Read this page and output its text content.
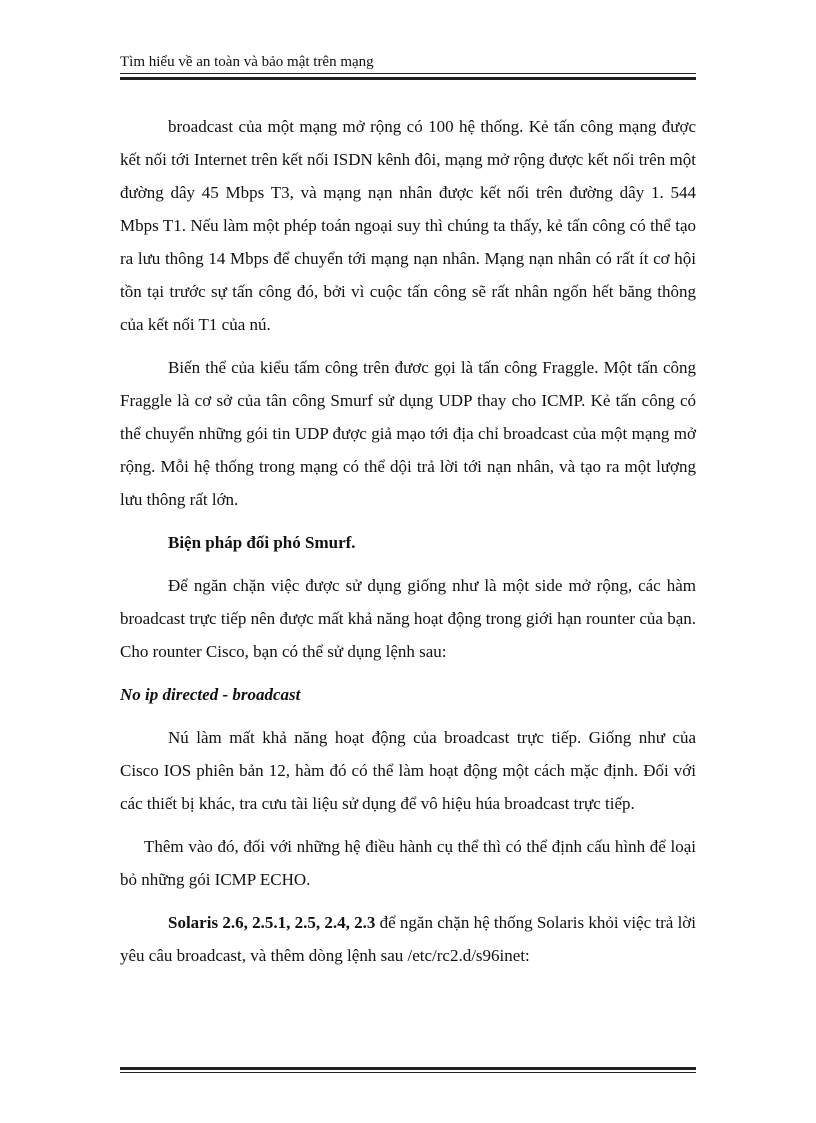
Tìm hiểu về an toàn và bảo mật trên mạng

broadcast của một mạng mở rộng có 100 hệ thống. Kẻ tấn công mạng được kết nối tới Internet trên kết nối ISDN kênh đôi, mạng mở rộng được kết nối trên một đường dây 45 Mbps T3, và mạng nạn nhân được kết nối trên đường dây 1. 544 Mbps T1. Nếu làm một phép toán ngoại suy thì chúng ta thấy, kẻ tấn công có thể tạo ra lưu thông 14 Mbps để chuyển tới mạng nạn nhân. Mạng nạn nhân có rất ít cơ hội tồn tại trước sự tấn công đó, bởi vì cuộc tấn công sẽ rất nhân ngốn hết băng thông của kết nối T1 của nú.

Biến thể của kiểu tấm công trên đươc gọi là tấn công Fraggle. Một tấn công Fraggle là cơ sở của tân công Smurf sử dụng UDP thay cho ICMP. Kẻ tấn công có thể chuyển những gói tin UDP được giả mạo tới địa chỉ broadcast của một mạng mở rộng. Mỗi hệ thống trong mạng có thể dội trả lời tới nạn nhân, và tạo ra một lượng lưu thông rất lớn.

Biện pháp đối phó Smurf.

Để ngăn chặn việc được sử dụng giống như là một side mở rộng, các hàm broadcast trực tiếp nên được mất khả năng hoạt động trong giới hạn rounter của bạn. Cho rounter Cisco, bạn có thể sử dụng lệnh sau:

No ip directed - broadcast

Nú làm mất khả năng hoạt động của broadcast trực tiếp. Giống như của Cisco IOS phiên bản 12, hàm đó có thể làm hoạt động một cách mặc định. Đối với các thiết bị khác, tra cưu tài liệu sử dụng để vô hiệu húa broadcast trực tiếp.

Thêm vào đó, đối với những hệ điều hành cụ thể thì có thể định cấu hình để loại bỏ những gói ICMP ECHO.

Solaris 2.6, 2.5.1, 2.5, 2.4, 2.3 để ngăn chặn hệ thống Solaris khỏi việc trả lời yêu câu broadcast, và thêm dòng lệnh sau /etc/rc2.d/s96inet:
